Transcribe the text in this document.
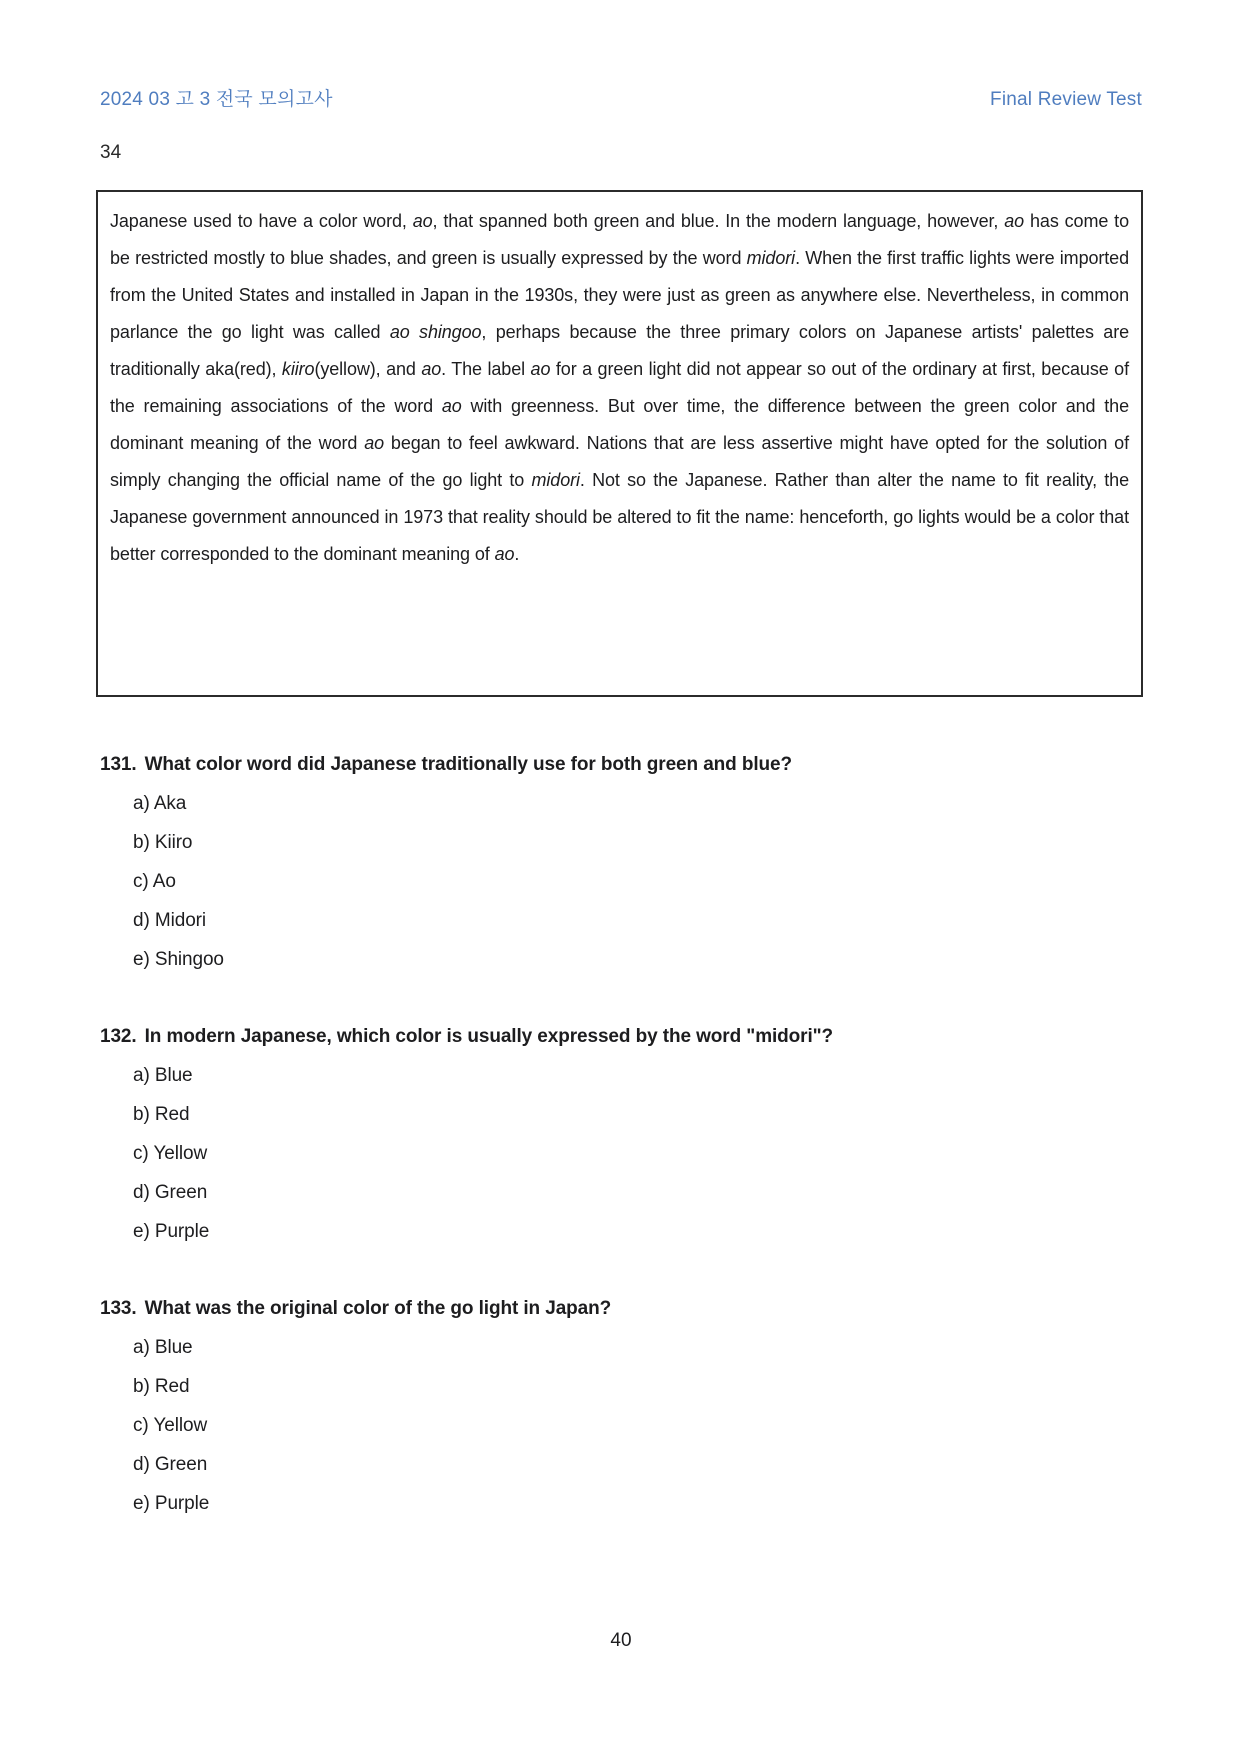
2024 03 고 3 전국 모의고사	Final Review Test
34

Japanese used to have a color word, ao, that spanned both green and blue. In the modern language, however, ao has come to be restricted mostly to blue shades, and green is usually expressed by the word midori. When the first traffic lights were imported from the United States and installed in Japan in the 1930s, they were just as green as anywhere else. Nevertheless, in common parlance the go light was called ao shingoo, perhaps because the three primary colors on Japanese artists' palettes are traditionally aka(red), kiiro(yellow), and ao. The label ao for a green light did not appear so out of the ordinary at first, because of the remaining associations of the word ao with greenness. But over time, the difference between the green color and the dominant meaning of the word ao began to feel awkward. Nations that are less assertive might have opted for the solution of simply changing the official name of the go light to midori. Not so the Japanese. Rather than alter the name to fit reality, the Japanese government announced in 1973 that reality should be altered to fit the name: henceforth, go lights would be a color that better corresponded to the dominant meaning of ao.

131. What color word did Japanese traditionally use for both green and blue?

a) Aka
b) Kiiro
c) Ao
d) Midori
e) Shingoo

132. In modern Japanese, which color is usually expressed by the word "midori"?

a) Blue
b) Red
c) Yellow
d) Green
e) Purple

133. What was the original color of the go light in Japan?

a) Blue
b) Red
c) Yellow
d) Green
e) Purple
40
